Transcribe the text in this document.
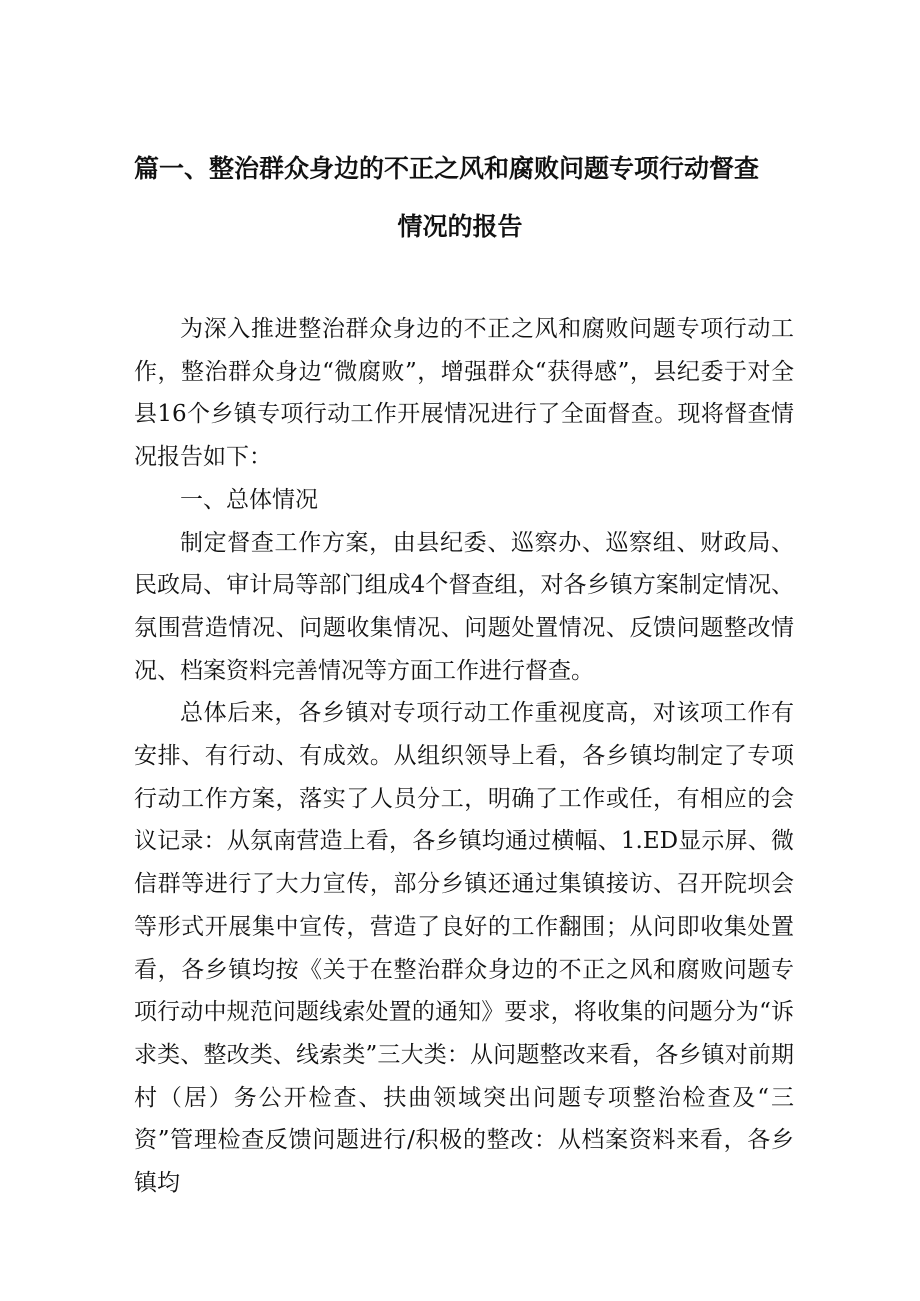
篇一、整治群众身边的不正之风和腐败问题专项行动督查
情况的报告

为深入推进整治群众身边的不正之风和腐败问题专项行动工作，整治群众身边“微腐败”，增强群众“获得感”，县纪委于对全县16个乡镇专项行动工作开展情况进行了全面督查。现将督查情况报告如下：

一、总体情况

制定督查工作方案，由县纪委、巡察办、巡察组、财政局、民政局、审计局等部门组成4个督查组，对各乡镇方案制定情况、氛围营造情况、问题收集情况、问题处置情况、反馈问题整改情况、档案资料完善情况等方面工作进行督查。

总体后来，各乡镇对专项行动工作重视度高，对该项工作有安排、有行动、有成效。从组织领导上看，各乡镇均制定了专项行动工作方案，落实了人员分工，明确了工作或任，有相应的会议记录：从氛南营造上看，各乡镇均通过横幅、1.ED显示屏、微信群等进行了大力宣传，部分乡镇还通过集镇接访、召开院坝会等形式开展集中宣传，营造了良好的工作翻围；从问即收集处置看，各乡镇均按《关于在整治群众身边的不正之风和腐败问题专项行动中规范问题线索处置的通知》要求，将收集的问题分为“诉求类、整改类、线索类”三大类：从问题整改来看，各乡镇对前期村（居）务公开检查、扶曲领域突出问题专项整治检查及“三资”管理检查反馈问题进行/积极的整改：从档案资料来看，各乡镇均
